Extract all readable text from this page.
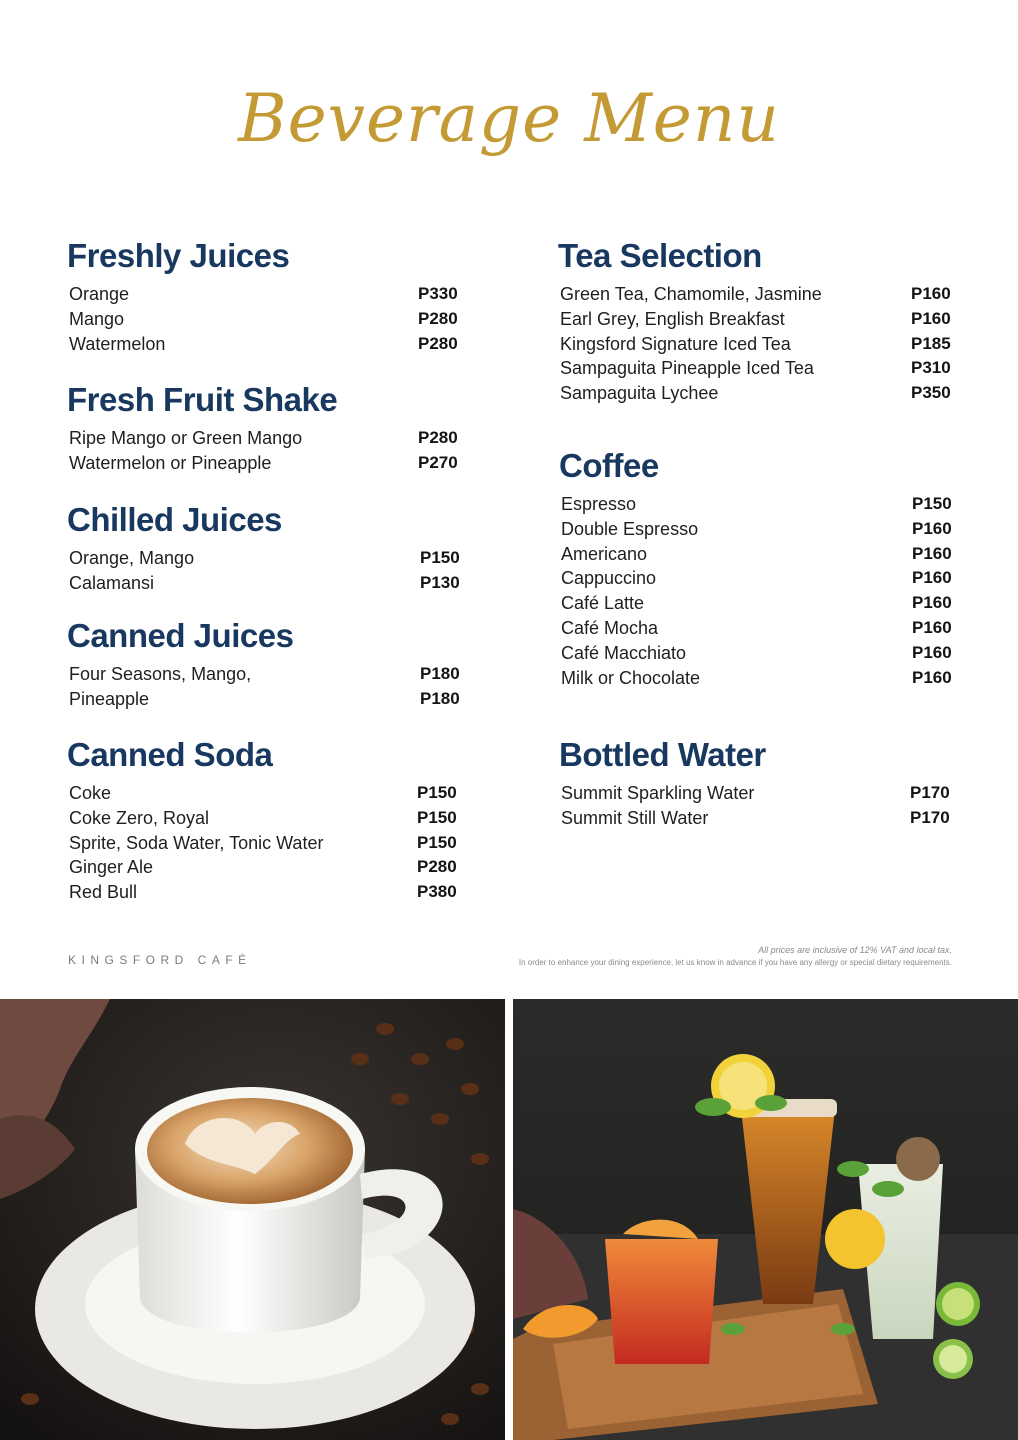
Beverage Menu
Freshly Juices
Orange	P330
Mango	P280
Watermelon	P280
Fresh Fruit Shake
Ripe Mango or Green Mango	P280
Watermelon or Pineapple	P270
Chilled Juices
Orange, Mango	P150
Calamansi	P130
Canned Juices
Four Seasons, Mango,	P180
Pineapple	P180
Canned Soda
Coke	P150
Coke Zero, Royal	P150
Sprite, Soda Water, Tonic Water	P150
Ginger Ale	P280
Red Bull	P380
Tea Selection
Green Tea, Chamomile, Jasmine	P160
Earl Grey, English Breakfast	P160
Kingsford Signature Iced Tea	P185
Sampaguita Pineapple Iced Tea	P310
Sampaguita Lychee	P350
Coffee
Espresso	P150
Double Espresso	P160
Americano	P160
Cappuccino	P160
Café Latte	P160
Café Mocha	P160
Café Macchiato	P160
Milk or Chocolate	P160
Bottled Water
Summit Sparkling Water	P170
Summit Still Water	P170
KINGSFORD CAFÉ
All prices are inclusive of 12% VAT and local tax.
In order to enhance your dining experience, let us know in advance if you have any allergy or special dietary requirements.
